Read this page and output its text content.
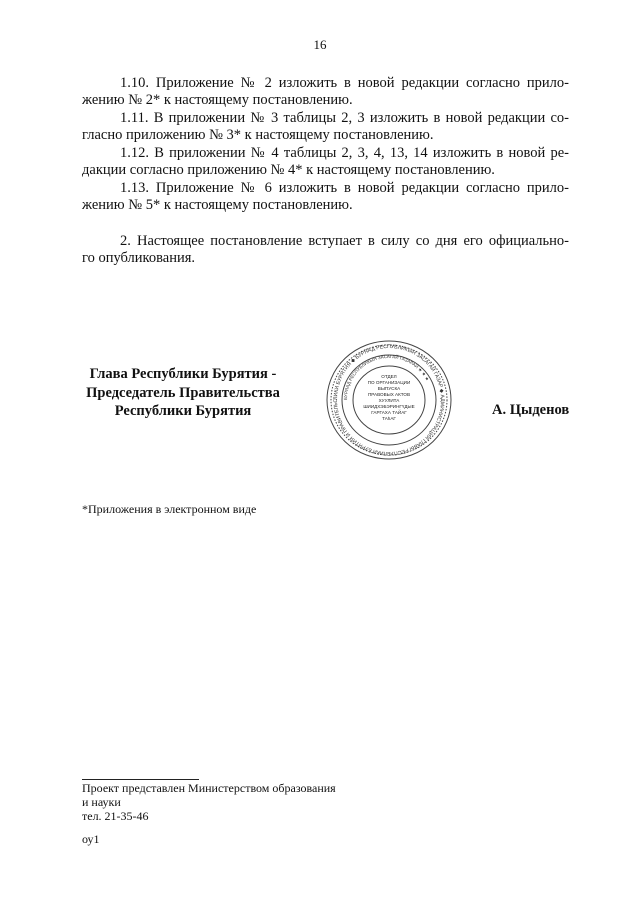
16

1.10. Приложение № 2 изложить в новой редакции согласно прило-

жению № 2* к настоящему постановлению.

1.11. В приложении № 3 таблицы 2, 3 изложить в новой редакции со-

гласно приложению № 3* к настоящему постановлению.

1.12. В приложении № 4 таблицы 2, 3, 4, 13, 14 изложить в новой ре-

дакции согласно приложению № 4* к настоящему постановлению.

1.13. Приложение № 6 изложить в новой редакции согласно прило-

жению № 5* к настоящему постановлению.

2. Настоящее постановление вступает в силу со дня его официально-

го опубликования.

Глава Республики Бурятия -
Председатель Правительства
Республики Бурятия
ЛИКИ БУРЯТИЯ ◆ БУРЯАД РЕСПУБЛИКЫН ЗАСАГАЙ ГАЗАР ◆ АДМИНИСТРАЦИЯ ГЛАВЫ РЕСПУБЛИКИ БУРЯТИЯ И ПРАВИТЕЛЬС
БУРЯАД РЕСПУБЛИКЫН ЗАСАГАЙ ГАЗАРАЙ ★ ★ ★
ОТДЕЛ
ПО ОРГАНИЗАЦИИ
ВЫПУСКА
ПРАВОВЫХ АКТОВ
ХУУЛИТА
ШИИДХЭБЭРИНГҮДЫЕ
ГАРГАХА ТАЙАГ
ТАһАГ
А. Цыденов
*Приложения в электронном виде
Проект представлен Министерством образования
и науки
тел. 21-35-46
оу1
